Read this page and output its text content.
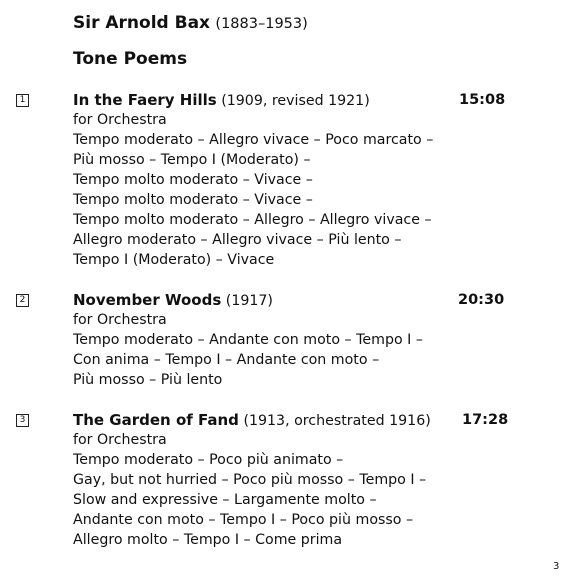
Sir Arnold Bax (1883–1953)
Tone Poems
1	In the Faery Hills (1909, revised 1921)	15:08
for Orchestra
Tempo moderato – Allegro vivace – Poco marcato –
Più mosso – Tempo I (Moderato) –
Tempo molto moderato – Vivace –
Tempo molto moderato – Vivace –
Tempo molto moderato – Allegro – Allegro vivace –
Allegro moderato – Allegro vivace – Più lento –
Tempo I (Moderato) – Vivace
2	November Woods (1917)	20:30
for Orchestra
Tempo moderato – Andante con moto – Tempo I –
Con anima – Tempo I – Andante con moto –
Più mosso – Più lento
3	The Garden of Fand (1913, orchestrated 1916) 17:28
for Orchestra
Tempo moderato – Poco più animato –
Gay, but not hurried – Poco più mosso – Tempo I –
Slow and expressive – Largamente molto –
Andante con moto – Tempo I – Poco più mosso –
Allegro molto – Tempo I – Come prima
3
